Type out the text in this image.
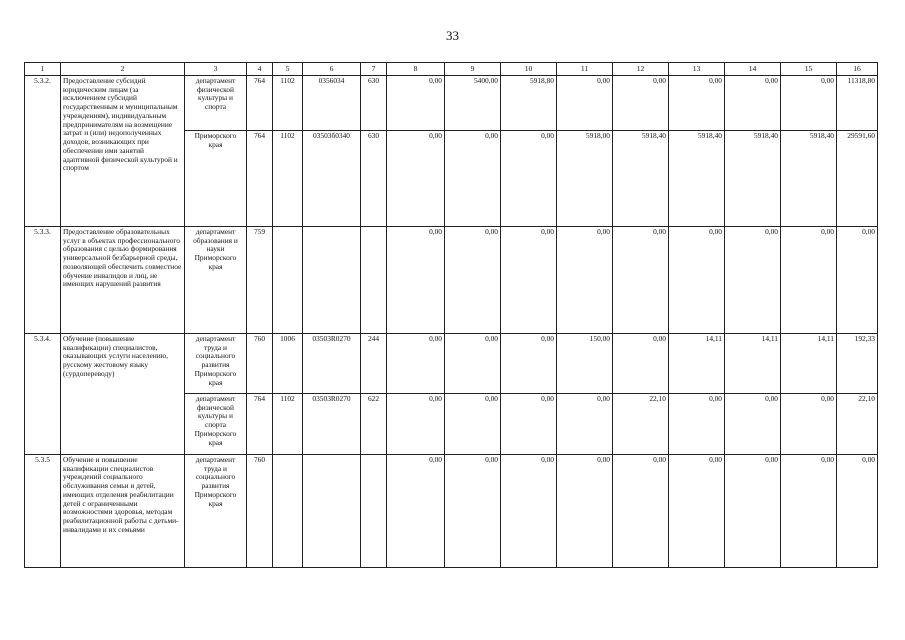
33
1	2	3	4	5	6	7	8	9	10	11	12	13	14	15	16
5.3.2.	Предоставление субсидий юридическим лицам (за исключением субсидий государственным и муниципальным учреждениям), индивидуальным предпринимателям на возмещение затрат и (или) недополученных доходов, возникающих при обеспечении ими занятий адаптивной физической культурой и спортом	департамент физической культуры и спорта	764	1102	0356034	630	0,00	5400,00	5918,80	0,00	0,00	0,00	0,00	0,00	11318,80
		Приморского края	764	1102	03503б0340	630	0,00	0,00	0,00	5918,00	5918,40	5918,40	5918,40	5918,40	29591,60
5.3.3.	Предоставление образовательных услуг в объектах профессионального образования с целью формирования универсальной безбарьерной среды, позволяющей обеспечить совместное обучение инвалидов и лиц, не имеющих нарушений развития	департамент образования и науки Приморского края	759				0,00	0,00	0,00	0,00	0,00	0,00	0,00	0,00	0,00
5.3.4.	Обучение (повышение квалификации) специалистов, оказывающих услуги населению, русскому жестовому языку (сурдопереводу)	департамент труда и социального развития Приморского края	760	1006	03503R0270	244	0,00	0,00	0,00	150,00	0,00	14,11	14,11	14,11	192,33
		департамент физической культуры и спорта Приморского края	764	1102	03503R0270	622	0,00	0,00	0,00	0,00	22,10	0,00	0,00	0,00	22,10
5.3.5	Обучение и повышение квалификации специалистов учреждений социального обслуживания семьи и детей, имеющих отделения реабилитации детей с ограниченными возможностями здоровья, методам реабилитационной работы с детьми-инвалидами и их семьями	департамент труда и социального развития Приморского края	760				0,00	0,00	0,00	0,00	0,00	0,00	0,00	0,00	0,00
